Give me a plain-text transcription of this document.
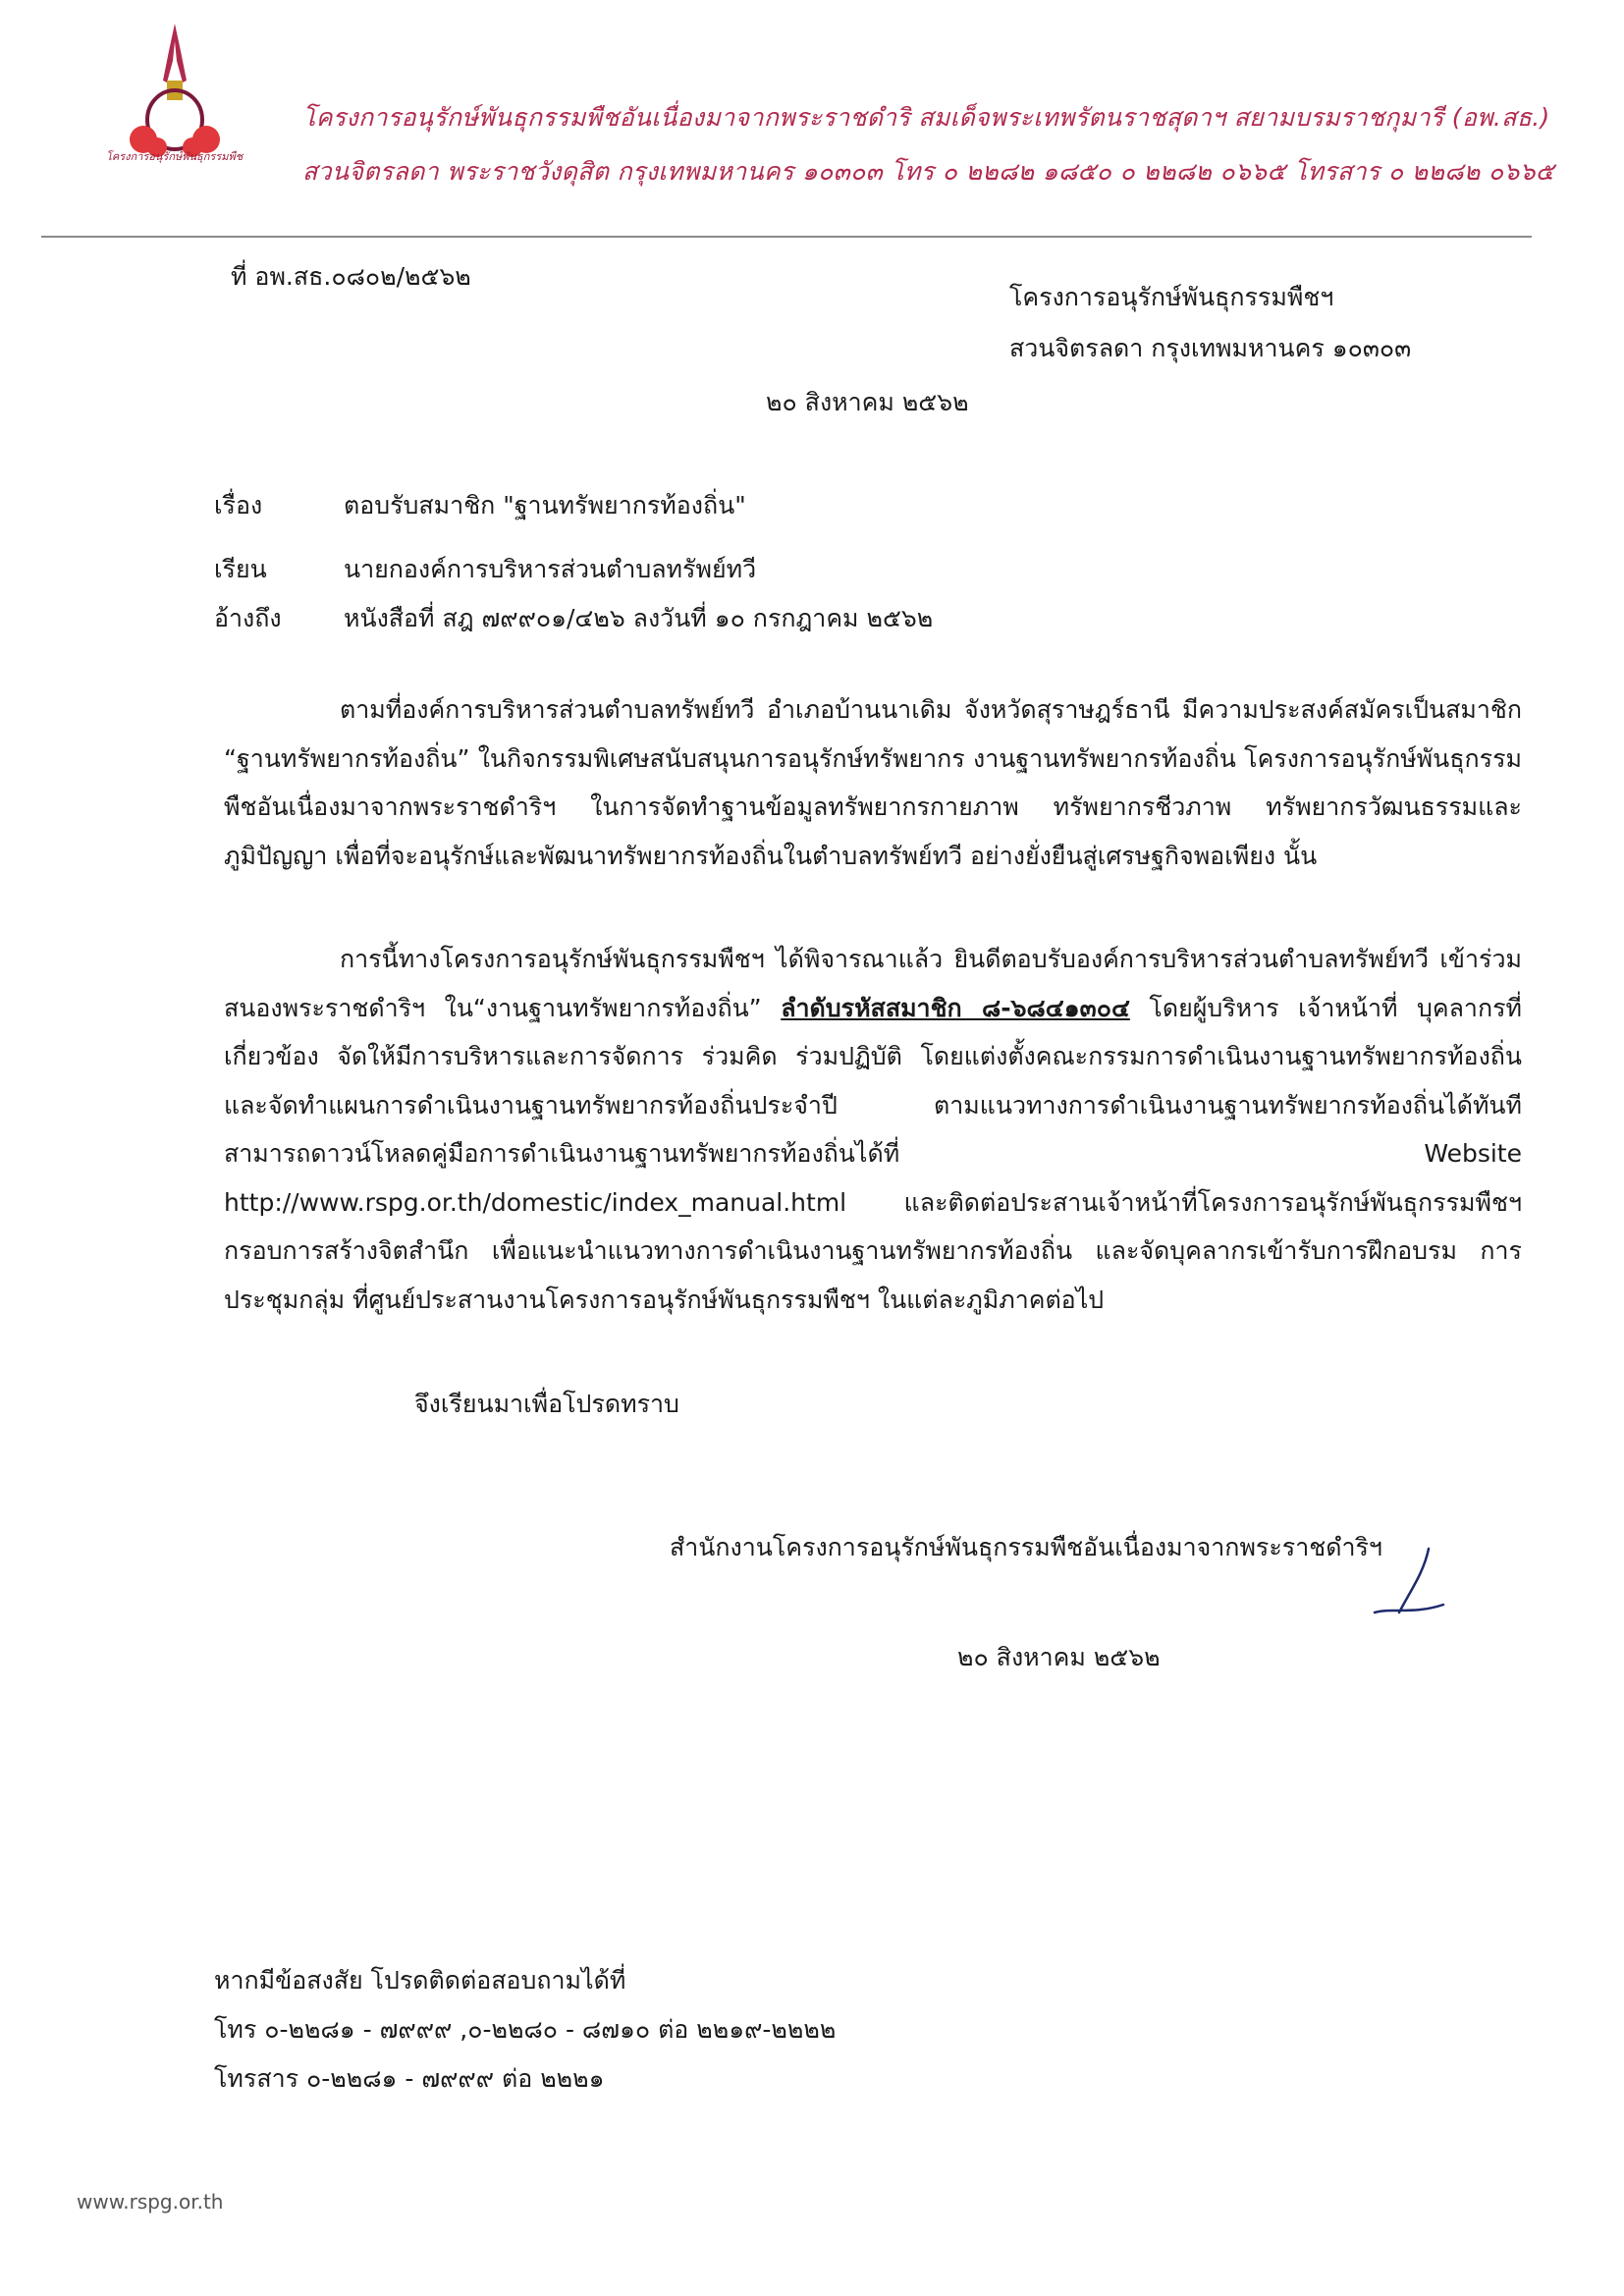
โครงการอนุรักษ์พันธุกรรมพืช
โครงการอนุรักษ์พันธุกรรมพืชอันเนื่องมาจากพระราชดำริ สมเด็จพระเทพรัตนราชสุดาฯ สยามบรมราชกุมารี (อพ.สธ.)
สวนจิตรลดา พระราชวังดุสิต กรุงเทพมหานคร ๑๐๓๐๓ โทร ๐ ๒๒๘๒ ๑๘๕๐ ๐ ๒๒๘๒ ๐๖๖๕ โทรสาร ๐ ๒๒๘๒ ๐๖๖๕
ที่ อพ.สธ.๐๘๐๒/๒๕๖๒
โครงการอนุรักษ์พันธุกรรมพืชฯ
สวนจิตรลดา กรุงเทพมหานคร ๑๐๓๐๓
๒๐ สิงหาคม ๒๕๖๒
เรื่อง	ตอบรับสมาชิก "ฐานทรัพยากรท้องถิ่น"
เรียน	นายกองค์การบริหารส่วนตำบลทรัพย์ทวี
อ้างถึง	หนังสือที่ สฎ ๗๙๙๐๑/๔๒๖ ลงวันที่ ๑๐ กรกฎาคม ๒๕๖๒
ตามที่องค์การบริหารส่วนตำบลทรัพย์ทวี อำเภอบ้านนาเดิม จังหวัดสุราษฎร์ธานี มีความประสงค์สมัครเป็นสมาชิก “ฐานทรัพยากรท้องถิ่น” ในกิจกรรมพิเศษสนับสนุนการอนุรักษ์ทรัพยากร งานฐานทรัพยากรท้องถิ่น โครงการอนุรักษ์พันธุกรรมพืชอันเนื่องมาจากพระราชดำริฯ ในการจัดทำฐานข้อมูลทรัพยากรกายภาพ ทรัพยากรชีวภาพ ทรัพยากรวัฒนธรรมและภูมิปัญญา เพื่อที่จะอนุรักษ์และพัฒนาทรัพยากรท้องถิ่นในตำบลทรัพย์ทวี อย่างยั่งยืนสู่เศรษฐกิจพอเพียง นั้น
การนี้ทางโครงการอนุรักษ์พันธุกรรมพืชฯ ได้พิจารณาแล้ว ยินดีตอบรับองค์การบริหารส่วนตำบลทรัพย์ทวี เข้าร่วมสนองพระราชดำริฯ ใน“งานฐานทรัพยากรท้องถิ่น” ลำดับรหัสสมาชิก ๘-๖๘๔๑๓๐๔ โดยผู้บริหาร เจ้าหน้าที่ บุคลากรที่เกี่ยวข้อง จัดให้มีการบริหารและการจัดการ ร่วมคิด ร่วมปฏิบัติ โดยแต่งตั้งคณะกรรมการดำเนินงานฐานทรัพยากรท้องถิ่น และจัดทำแผนการดำเนินงานฐานทรัพยากรท้องถิ่นประจำปี ตามแนวทางการดำเนินงานฐานทรัพยากรท้องถิ่นได้ทันที สามารถดาวน์โหลดคู่มือการดำเนินงานฐานทรัพยากรท้องถิ่นได้ที่ Website http://www.rspg.or.th/domestic/index_manual.html และติดต่อประสานเจ้าหน้าที่โครงการอนุรักษ์พันธุกรรมพืชฯ กรอบการสร้างจิตสำนึก เพื่อแนะนำแนวทางการดำเนินงานฐานทรัพยากรท้องถิ่น และจัดบุคลากรเข้ารับการฝึกอบรม การประชุมกลุ่ม ที่ศูนย์ประสานงานโครงการอนุรักษ์พันธุกรรมพืชฯ ในแต่ละภูมิภาคต่อไป
จึงเรียนมาเพื่อโปรดทราบ
สำนักงานโครงการอนุรักษ์พันธุกรรมพืชอันเนื่องมาจากพระราชดำริฯ
๒๐ สิงหาคม ๒๕๖๒
หากมีข้อสงสัย โปรดติดต่อสอบถามได้ที่
โทร ๐-๒๒๘๑ - ๗๙๙๙ ,๐-๒๒๘๐ - ๘๗๑๐ ต่อ ๒๒๑๙-๒๒๒๒
โทรสาร ๐-๒๒๘๑ - ๗๙๙๙ ต่อ ๒๒๒๑
www.rspg.or.th
